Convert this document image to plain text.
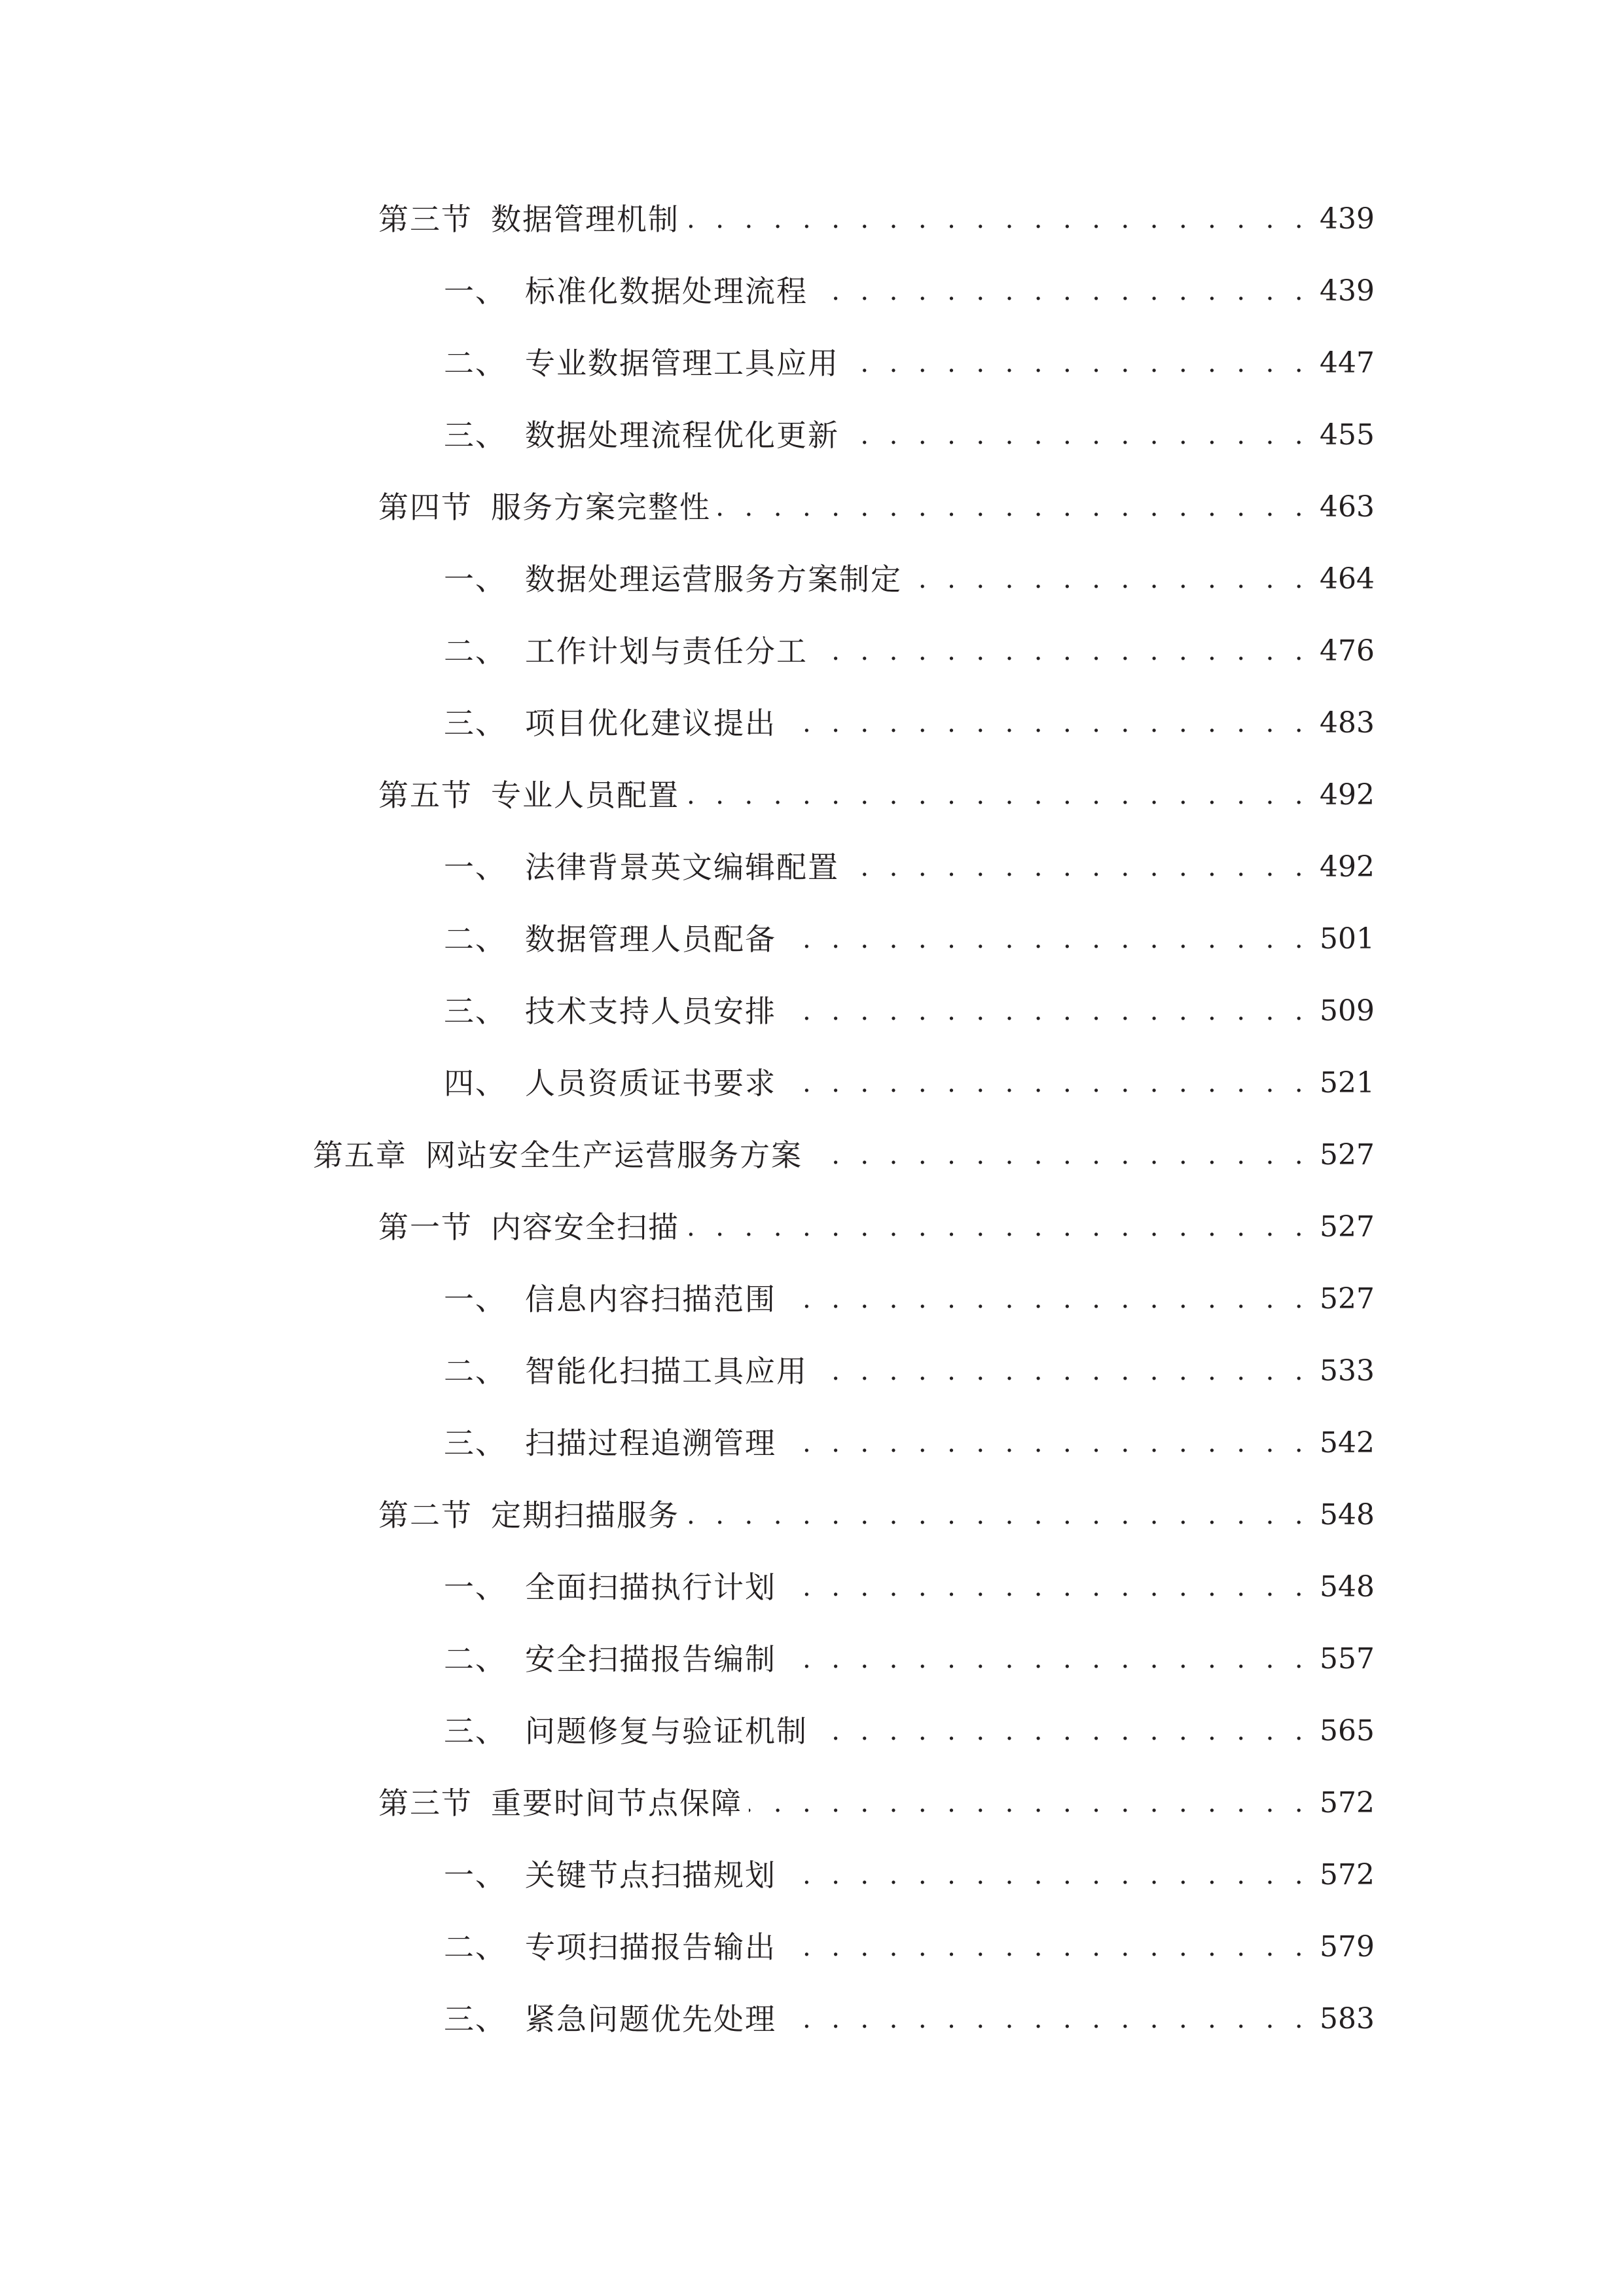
第三节 数据管理机制 . . .	439
一、 标准化数据处理流程 . . .	439
二、 专业数据管理工具应用 . . .	447
三、 数据处理流程优化更新 . . .	455
第四节 服务方案完整性 . . .	463
一、 数据处理运营服务方案制定 . . .	464
二、 工作计划与责任分工 . . .	476
三、 项目优化建议提出 . . .	483
第五节 专业人员配置 . . .	492
一、 法律背景英文编辑配置 . . .	492
二、 数据管理人员配备 . . .	501
三、 技术支持人员安排 . . .	509
四、 人员资质证书要求 . . .	521
第五章 网站安全生产运营服务方案 . . .	527
第一节 内容安全扫描 . . .	527
一、 信息内容扫描范围 . . .	527
二、 智能化扫描工具应用 . . .	533
三、 扫描过程追溯管理 . . .	542
第二节 定期扫描服务 . . .	548
一、 全面扫描执行计划 . . .	548
二、 安全扫描报告编制 . . .	557
三、 问题修复与验证机制 . . .	565
第三节 重要时间节点保障 . . .	572
一、 关键节点扫描规划 . . .	572
二、 专项扫描报告输出 . . .	579
三、 紧急问题优先处理 . . .	583
